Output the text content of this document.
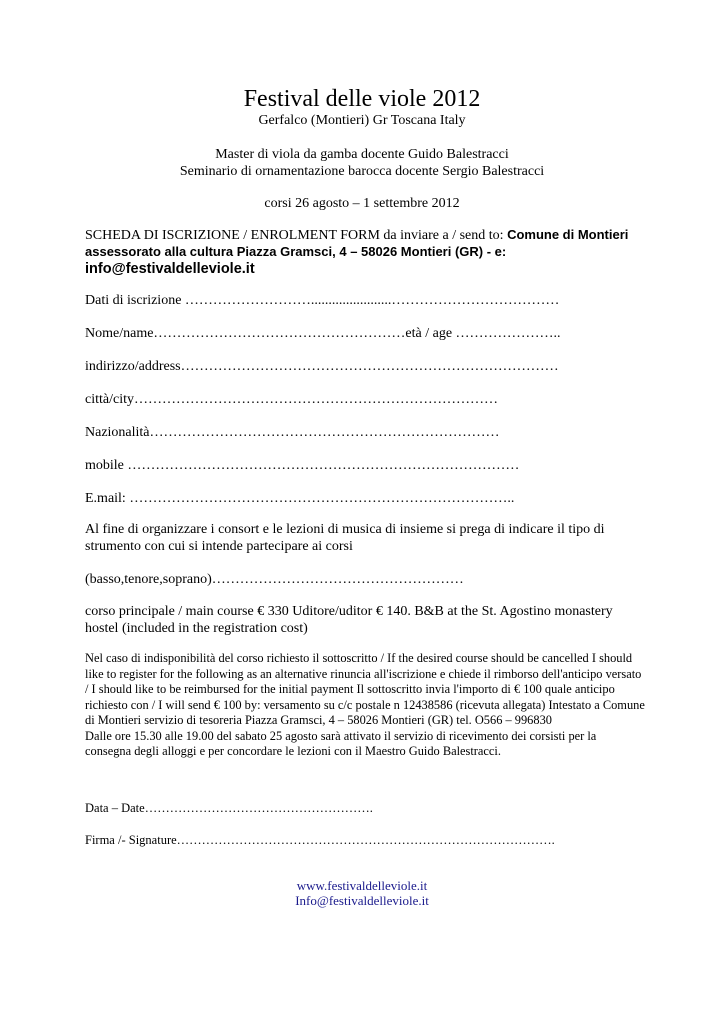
Festival delle viole 2012
Gerfalco (Montieri) Gr Toscana Italy
Master di viola da gamba docente Guido Balestracci
Seminario di ornamentazione barocca docente Sergio Balestracci
corsi 26 agosto – 1 settembre 2012
SCHEDA DI ISCRIZIONE / ENROLMENT FORM da inviare a / send to: Comune di Montieri
assessorato alla cultura Piazza Gramsci, 4 – 58026 Montieri (GR) - e:
info@festivaldelleviole.it
Dati di iscrizione ……………………….......................………………………………
Nome/name………………………………………………età / age …………………..
indirizzo/address………………………………………………………………………
città/city……………………………………………………………………
Nazionalità…………………………………………………………………
mobile …………………………………………………………………………
E.mail: ………………………………………………………………………..
Al fine di organizzare i consort e le lezioni di musica di insieme si prega di indicare il tipo di strumento con cui si intende partecipare ai corsi
(basso,tenore,soprano)………………………………………………
corso principale / main course € 330 Uditore/uditor € 140. B&B at the St. Agostino monastery hostel (included in the registration cost)
Nel caso di indisponibilità del corso richiesto il sottoscritto / If the desired course should be cancelled I should like to register for the following as an alternative rinuncia all'iscrizione e chiede il rimborso dell'anticipo versato / I should like to be reimbursed for the initial payment Il sottoscritto invia l'importo di € 100 quale anticipo richiesto con / I will send € 100 by: versamento su c/c postale n 12438586 (ricevuta allegata) Intestato a Comune di Montieri servizio di tesoreria Piazza Gramsci, 4 – 58026 Montieri (GR) tel. O566 – 996830
Dalle ore 15.30 alle 19.00 del sabato 25 agosto sarà attivato il servizio di ricevimento dei corsisti per la consegna degli alloggi e per concordare le lezioni con il Maestro Guido Balestracci.
Data – Date……………………………………………….
Firma /- Signature……………………………………………………………………………….
www.festivaldelleviole.it
Info@festivaldelleviole.it
